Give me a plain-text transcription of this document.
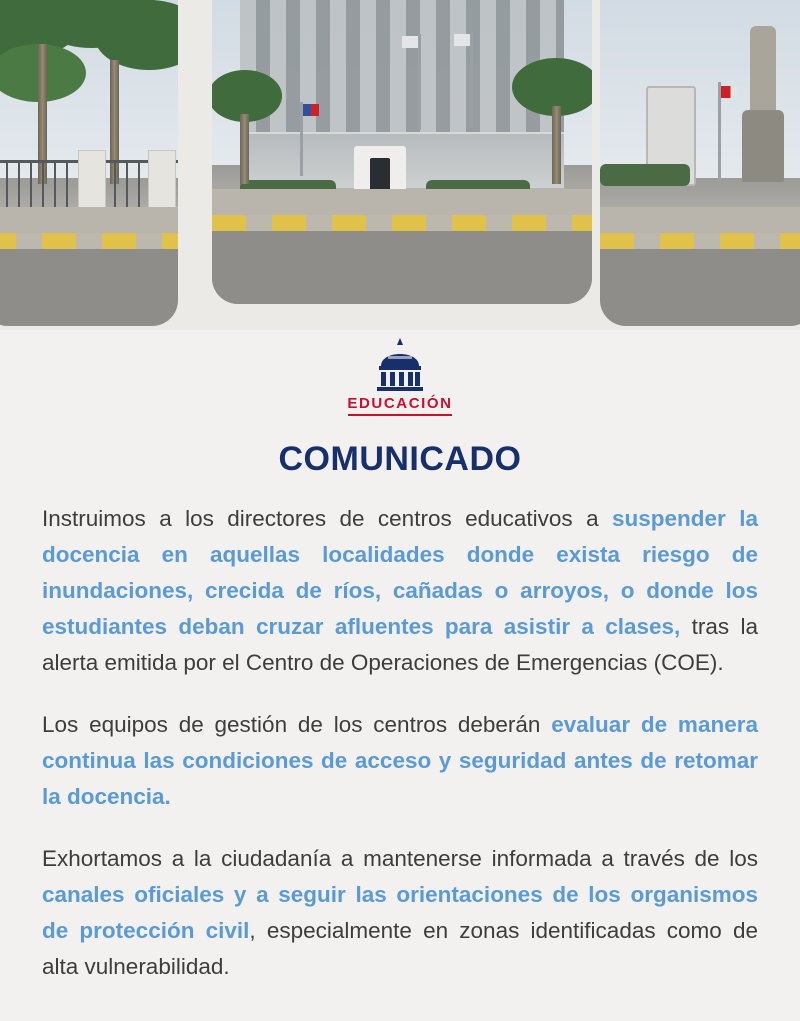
EDUCACIÓN
COMUNICADO

Instruimos a los directores de centros educativos a suspender la docencia en aquellas localidades donde exista riesgo de inundaciones, crecida de ríos, cañadas o arroyos, o donde los estudiantes deban cruzar afluentes para asistir a clases, tras la alerta emitida por el Centro de Operaciones de Emergencias (COE).

Los equipos de gestión de los centros deberán evaluar de manera continua las condiciones de acceso y seguridad antes de retomar la docencia.

Exhortamos a la ciudadanía a mantenerse informada a través de los canales oficiales y a seguir las orientaciones de los organismos de protección civil, especialmente en zonas identificadas como de alta vulnerabilidad.
